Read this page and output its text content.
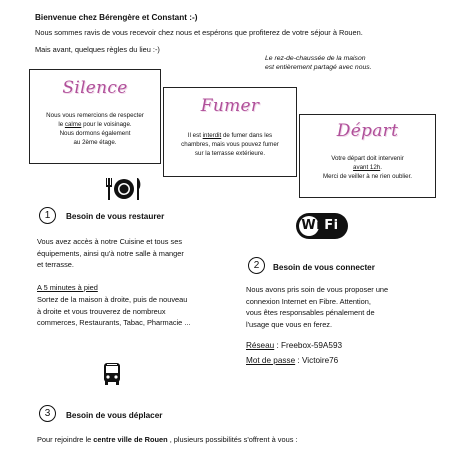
Bienvenue chez Bérengère et Constant :-)
Nous sommes ravis de vous recevoir chez nous et espérons que profiterez de votre séjour à Rouen.
Mais avant, quelques règles du lieu :-)
Le rez-de-chaussée de la maison
est entièrement partagé avec nous.
Silence
Nous vous remercions de respecter
le calme pour le voisinage.
Nous dormons également
au 2ème étage.
Fumer
Il est interdit de fumer dans les
chambres, mais vous pouvez fumer
sur la terrasse extérieure.
Départ
Votre départ doit intervenir
avant 12h.
Merci de veiller à ne rien oublier.
1	Besoin de vous restaurer
Vous avez accès à notre Cuisine et tous ses
équipements, ainsi qu'à notre salle à manger
et terrasse.
A 5 minutes à pied
Sortez de la maison à droite, puis de nouveau
à droite et vous trouverez de nombreux
commerces, Restaurants, Tabac, Pharmacie ...
Wi Fi
2	Besoin de vous connecter
Nous avons pris soin de vous proposer une
connexion Internet en Fibre. Attention,
vous êtes responsables pénalement de
l'usage que vous en ferez.
Réseau : Freebox-59A593
Mot de passe : Victoire76
3	Besoin de vous déplacer
Pour rejoindre le centre ville de Rouen , plusieurs possibilités s'offrent à vous :
